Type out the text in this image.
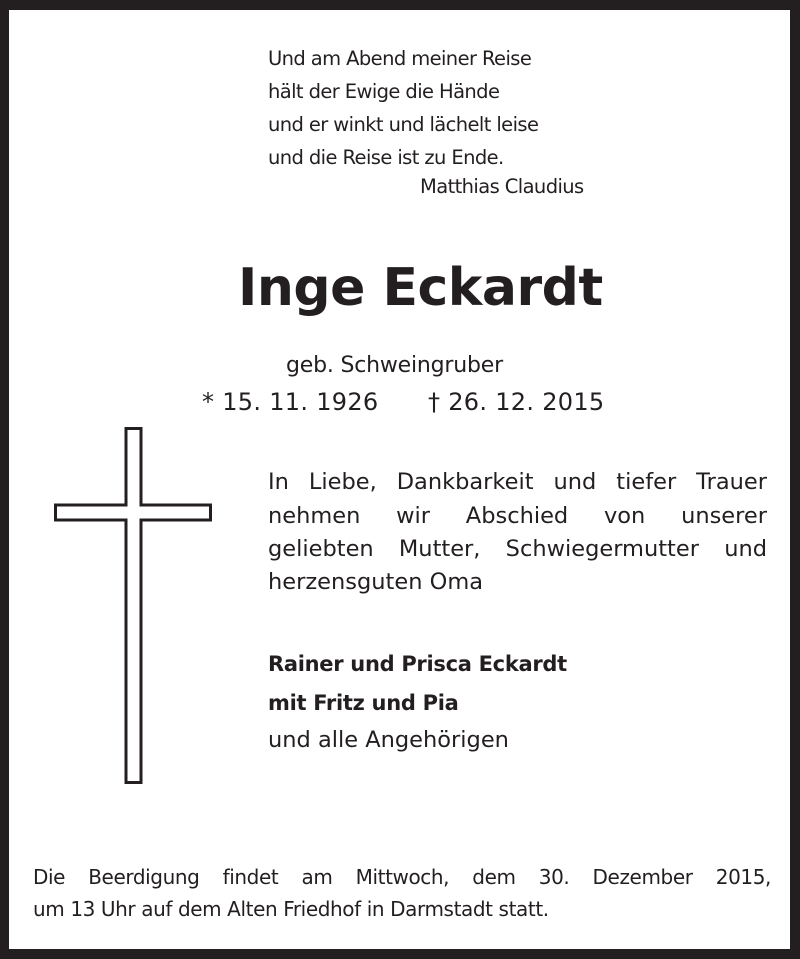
Und am Abend meiner Reise
hält der Ewige die Hände
und er winkt und lächelt leise
und die Reise ist zu Ende.
Matthias Claudius
Inge Eckardt
geb. Schweingruber
* 15. 11. 1926 † 26. 12. 2015
In Liebe, Dankbarkeit und tiefer Trauer
nehmen wir Abschied von unserer
geliebten Mutter, Schwiegermutter und
herzensguten Oma
Rainer und Prisca Eckardt
mit Fritz und Pia
und alle Angehörigen
Die Beerdigung findet am Mittwoch, dem 30. Dezember 2015,
um 13 Uhr auf dem Alten Friedhof in Darmstadt statt.
